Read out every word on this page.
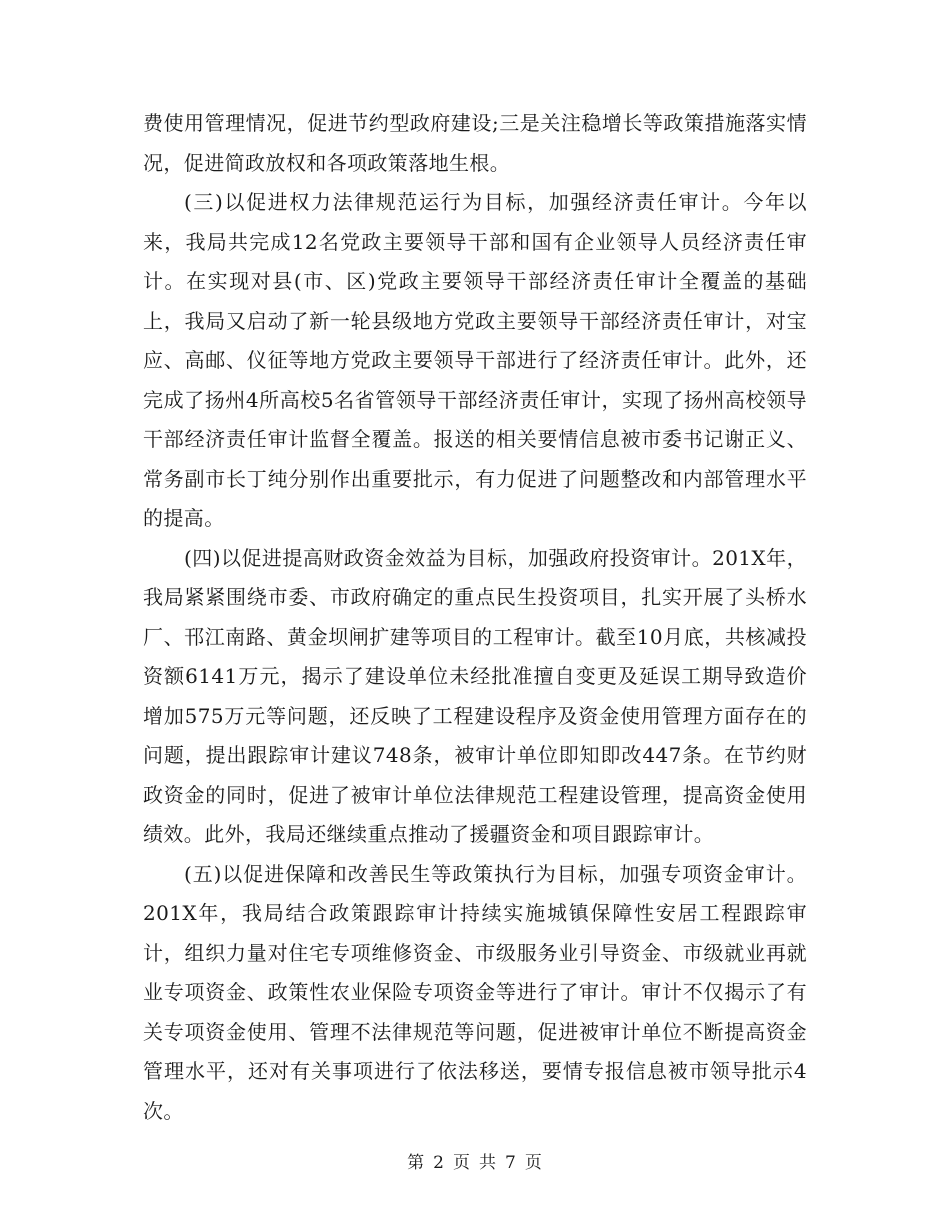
费使用管理情况，促进节约型政府建设;三是关注稳增长等政策措施落实情况，促进简政放权和各项政策落地生根。

(三)以促进权力法律规范运行为目标，加强经济责任审计。今年以来，我局共完成12名党政主要领导干部和国有企业领导人员经济责任审计。在实现对县(市、区)党政主要领导干部经济责任审计全覆盖的基础上，我局又启动了新一轮县级地方党政主要领导干部经济责任审计，对宝应、高邮、仪征等地方党政主要领导干部进行了经济责任审计。此外，还完成了扬州4所高校5名省管领导干部经济责任审计，实现了扬州高校领导干部经济责任审计监督全覆盖。报送的相关要情信息被市委书记谢正义、常务副市长丁纯分别作出重要批示，有力促进了问题整改和内部管理水平的提高。

(四)以促进提高财政资金效益为目标，加强政府投资审计。201X年，我局紧紧围绕市委、市政府确定的重点民生投资项目，扎实开展了头桥水厂、邗江南路、黄金坝闸扩建等项目的工程审计。截至10月底，共核减投资额6141万元，揭示了建设单位未经批准擅自变更及延误工期导致造价增加575万元等问题，还反映了工程建设程序及资金使用管理方面存在的问题，提出跟踪审计建议748条，被审计单位即知即改447条。在节约财政资金的同时，促进了被审计单位法律规范工程建设管理，提高资金使用绩效。此外，我局还继续重点推动了援疆资金和项目跟踪审计。

(五)以促进保障和改善民生等政策执行为目标，加强专项资金审计。201X年，我局结合政策跟踪审计持续实施城镇保障性安居工程跟踪审计，组织力量对住宅专项维修资金、市级服务业引导资金、市级就业再就业专项资金、政策性农业保险专项资金等进行了审计。审计不仅揭示了有关专项资金使用、管理不法律规范等问题，促进被审计单位不断提高资金管理水平，还对有关事项进行了依法移送，要情专报信息被市领导批示4次。

第 2 页 共 7 页
